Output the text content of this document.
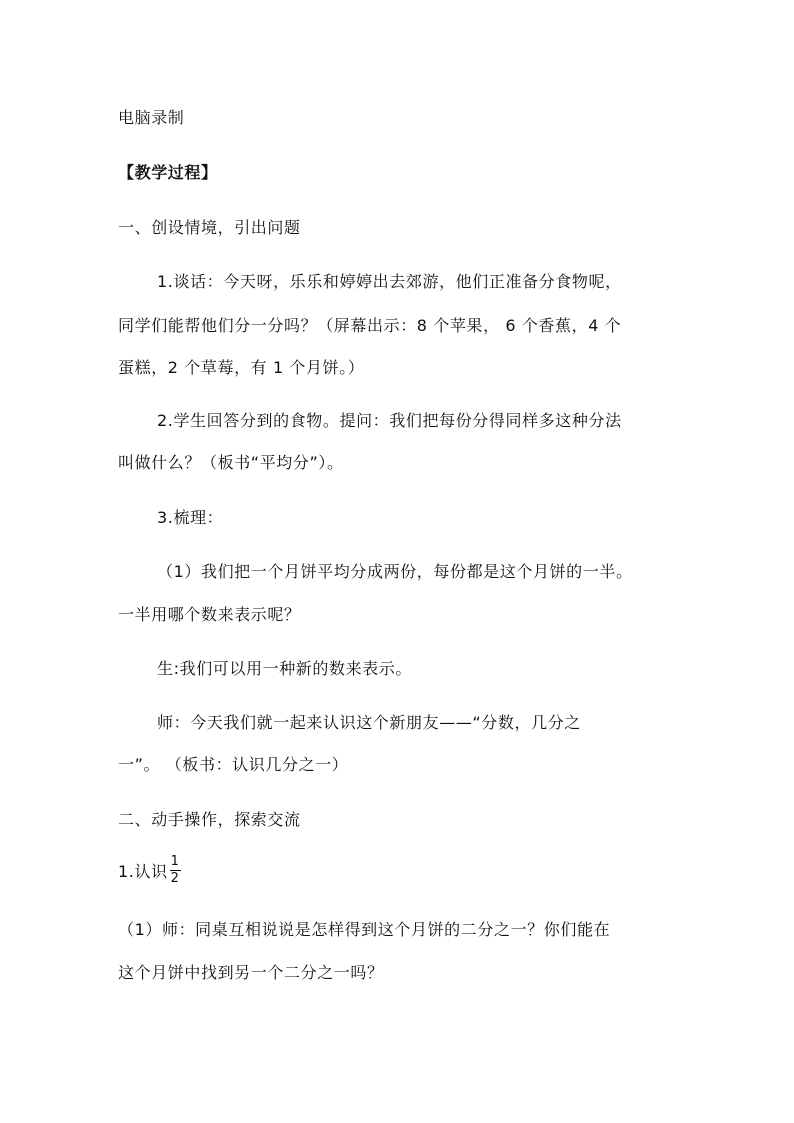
电脑录制
【教学过程】
一、创设情境，引出问题
1.谈话：今天呀，乐乐和婷婷出去郊游，他们正准备分食物呢，
同学们能帮他们分一分吗？（屏幕出示：8 个苹果， 6 个香蕉，4 个
蛋糕，2 个草莓，有 1 个月饼。）
2.学生回答分到的食物。提问：我们把每份分得同样多这种分法
叫做什么？（板书“平均分”）。
3.梳理：
（1）我们把一个月饼平均分成两份，每份都是这个月饼的一半。
一半用哪个数来表示呢？
生:我们可以用一种新的数来表示。
师：今天我们就一起来认识这个新朋友——“分数，几分之
一”。 （板书：认识几分之一）
二、动手操作，探索交流
1.认识 $\frac{1}{2}$
（1）师：同桌互相说说是怎样得到这个月饼的二分之一？你们能在
这个月饼中找到另一个二分之一吗？
